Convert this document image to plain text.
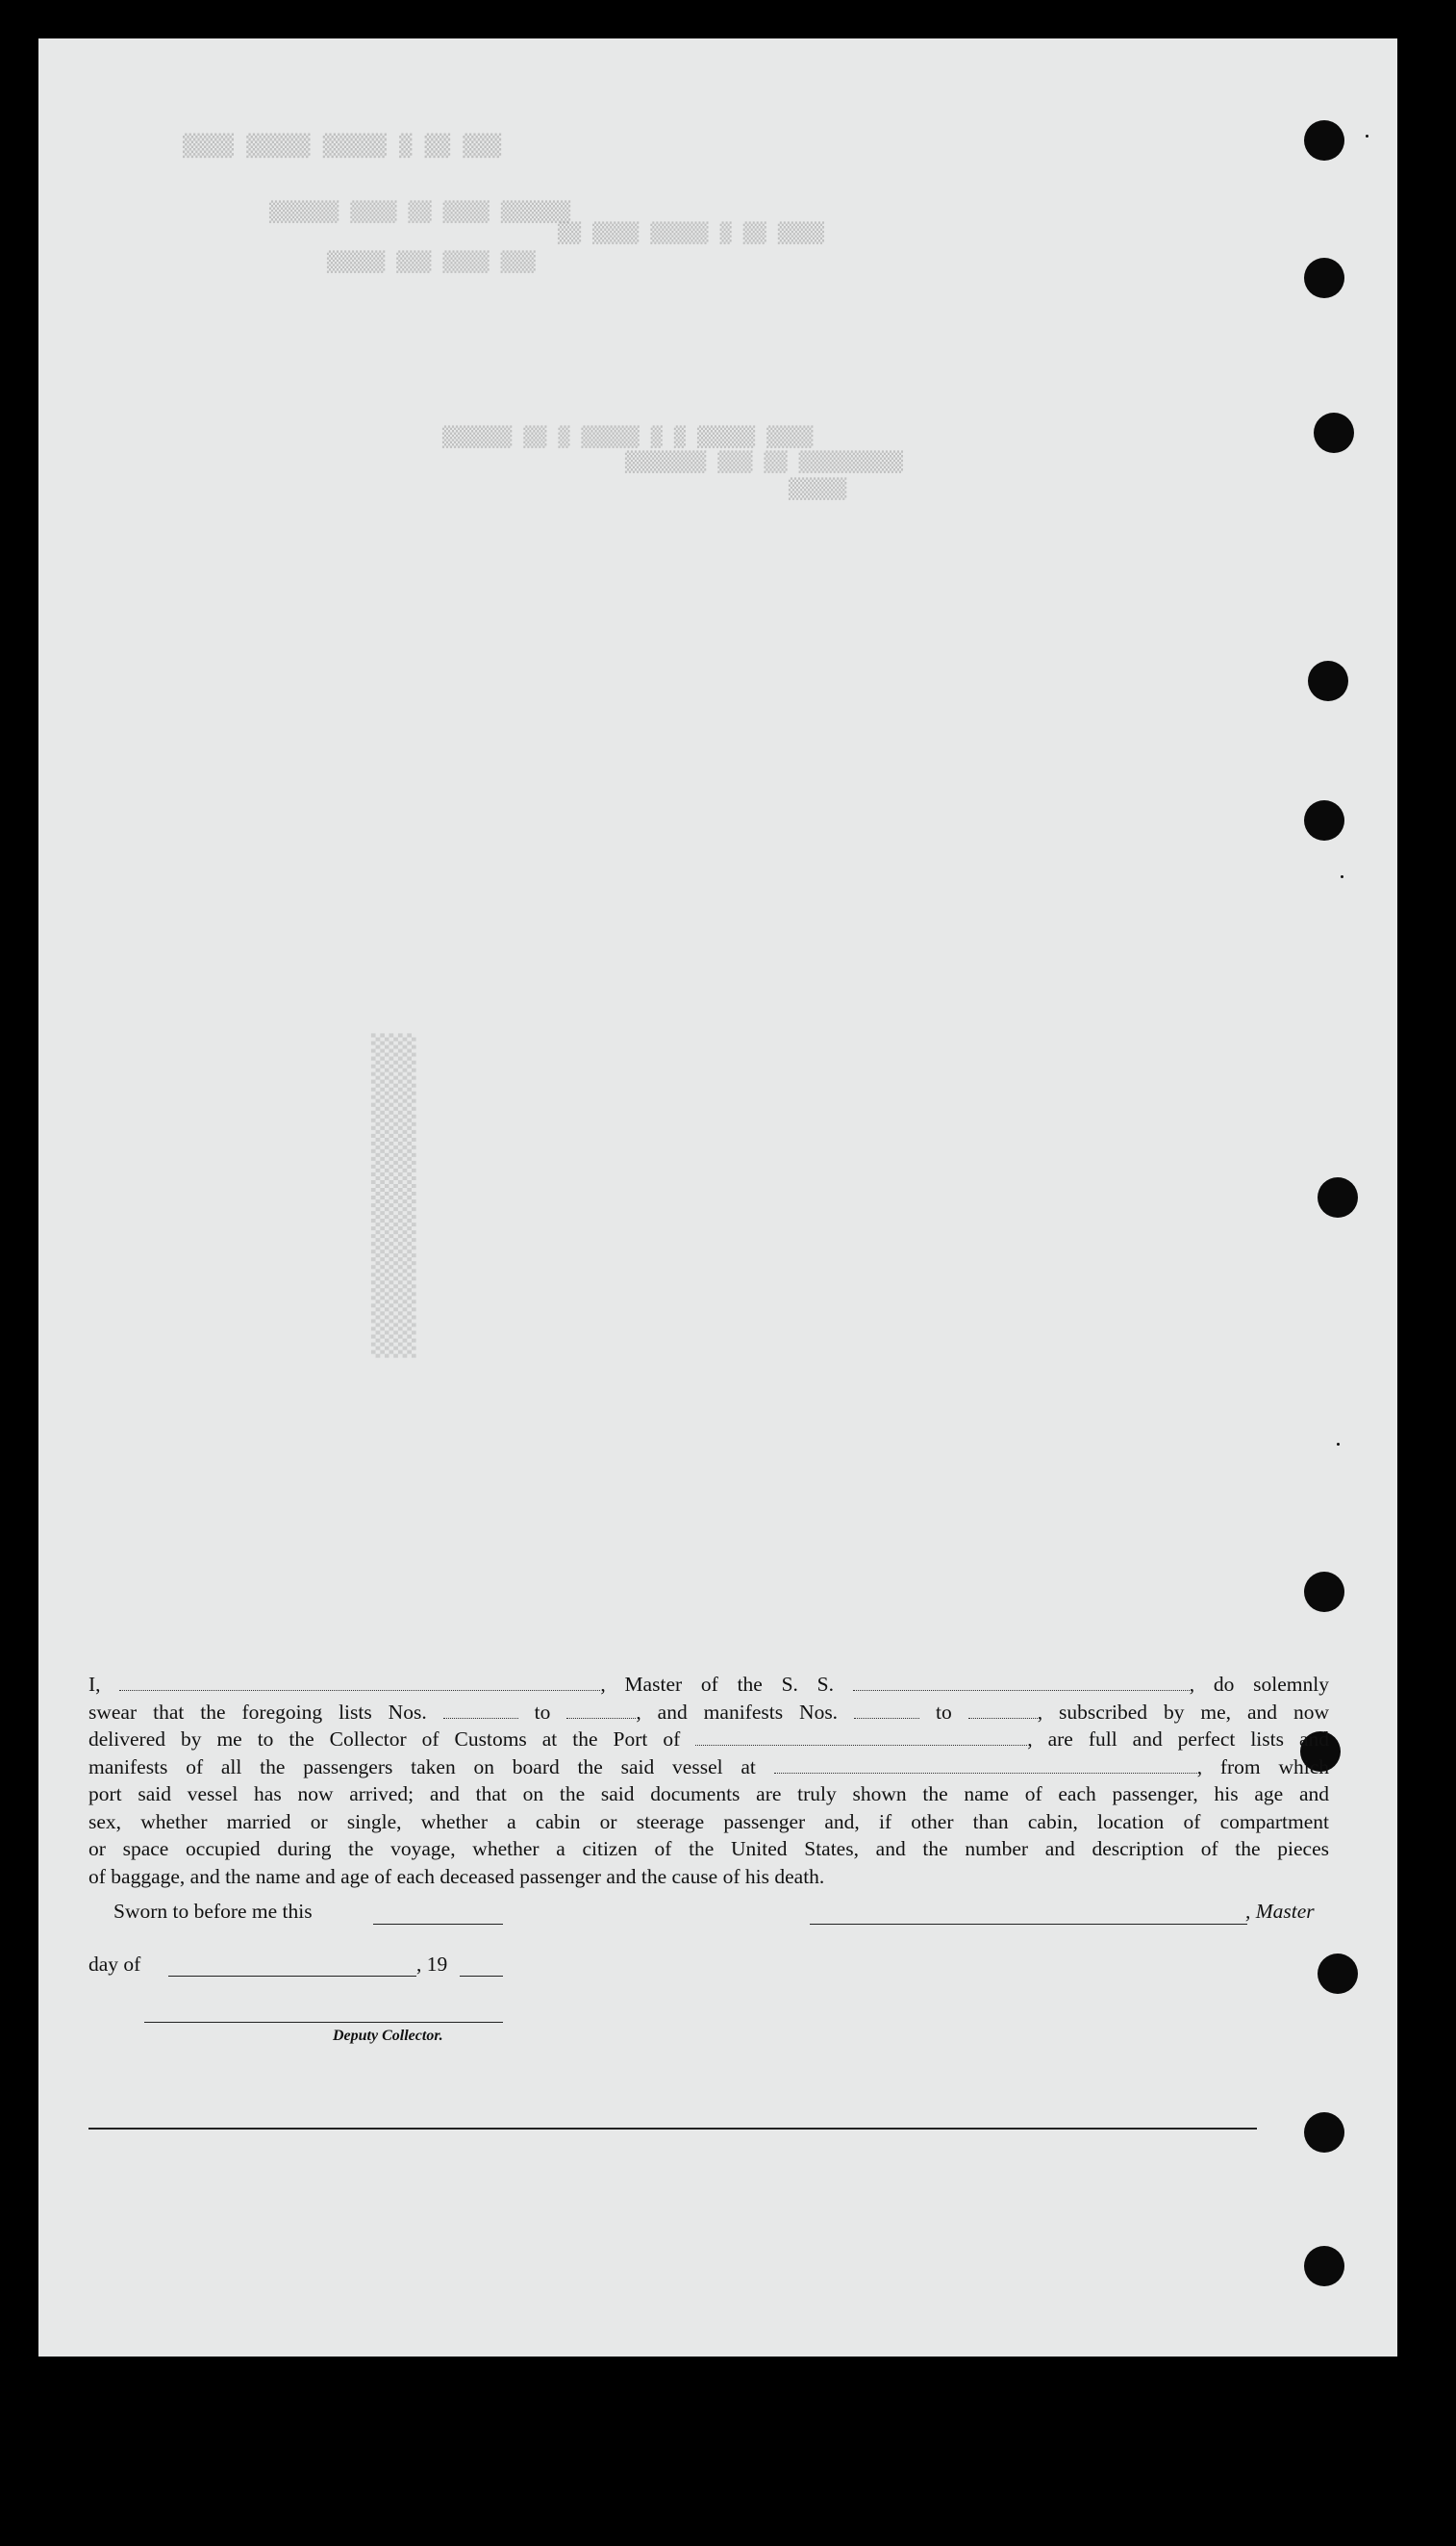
▒▒▒ ▒▒ ▒ ▒▒▒▒▒ ▒▒▒▒▒ ▒▒▒▒
▒▒▒▒▒▒ ▒▒▒▒ ▒▒ ▒▒▒▒ ▒▒▒▒▒▒
▒▒▒▒ ▒▒ ▒ ▒▒▒▒▒ ▒▒▒▒ ▒▒
▒▒▒ ▒▒▒▒ ▒▒▒ ▒▒▒▒▒
▒▒▒▒ ▒▒▒▒▒ ▒ ▒ ▒▒▒▒▒ ▒ ▒▒ ▒▒▒▒▒▒
▒▒▒▒▒▒▒▒▒ ▒▒ ▒▒▒ ▒▒▒▒▒▒▒
▒▒▒▒▒
▒▒▒▒▒▒▒▒▒▒▒▒▒▒
I,	, Master of the S. S.	, do solemnly
swear that the foregoing lists Nos.	to	, and manifests Nos.	to	, subscribed by me, and now
delivered by me to the Collector of Customs at the Port of	, are full and perfect lists and
manifests of all the passengers taken on board the said vessel at	, from which
port said vessel has now arrived; and that on the said documents are truly shown the name of each passenger, his age and
sex, whether married or single, whether a cabin or steerage passenger and, if other than cabin, location of compartment
or space occupied during the voyage, whether a citizen of the United States, and the number and description of the pieces
of baggage, and the name and age of each deceased passenger and the cause of his death.
Sworn to before me this	, Master
day of	, 19
Deputy Collector.
